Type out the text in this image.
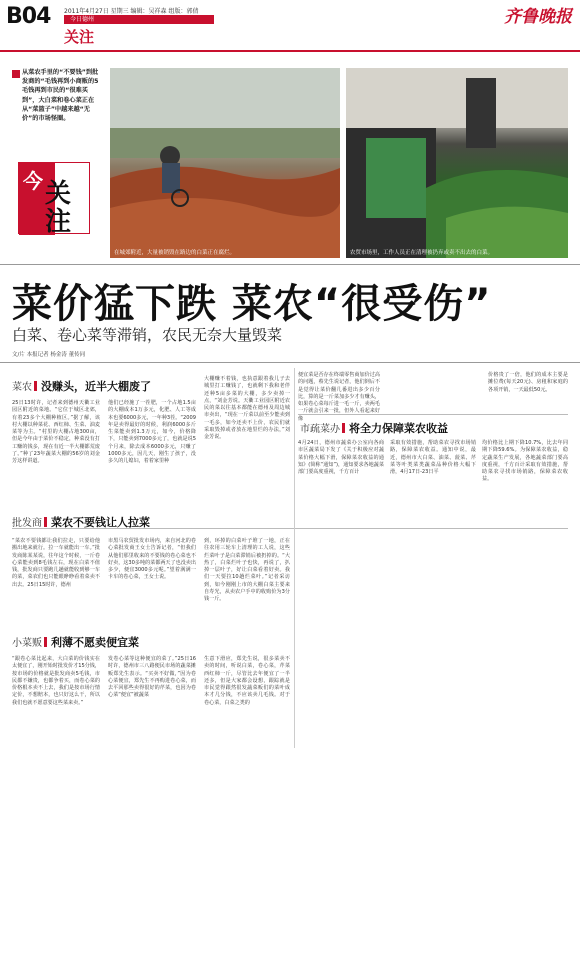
B04 2011年4月27日 星期三 编辑：吴祥森 组版：郭倩
今日德州
关注
齐鲁晚报
从菜农手里的“不要钱”到批发商的“毛钱再到小商贩的5毛钱再到市民的“很难买到”，大白菜和卷心菜正在从“菜篮子”中越来越“无价”的市场怪圈。
今 关
注
在城郊附近，大量被销毁在路边的白菜正在腐烂。	农贸市场里，工作人员正在清理被扔弃或卖不出去的白菜。
菜价猛下跌 菜农“很受伤”
白菜、卷心菜等滞销，农民无奈大量毁菜
文/片 本报记者 杨金涛 董传同
菜农 没赚头，近半大棚废了
25日13时许，记者来到德州天衢工业园区附近的菜地。“它位于城区北郊，有着23多个大棚种植区。”据了解，该村大棚以种菜花、西红柿、生菜、油麦菜等为主。“村里的大棚占地300亩，但是今年由于菜价不稳定，种菜没有打工赚的钱多，现在有近一半大棚都荒废了。”种了23年蔬菜大棚的56岁的刘金芳这样讲道。
他们已经施了一茬肥，一个占地1.5亩的大棚成本1万多元，化肥、人工等成本也要6000多元，一年种3茬。“2009年是卖得最好的时候，利润6000多斤生菜能卖到1.3万元，如今，价格降下，只能卖到7000多元了，也就是说5个月来，除去成本6000多元，只赚了1000多元，因几天，刚生了孩子，没多久的儿媳妇，着着家里种
大棚赚不着钱，也执意跟着我儿子去城里打工赚钱了，也就剩下我和老伴还种5亩多菜的大棚，多少卖掉一点，“刘金芳说。天衢工业园区附近农民的菜以往基本都能在德州及周边城市卖出，“现在一斤菜以前至少能卖到一毛多，如今还卖不上价，农民们就采取毁掉或者放在地里烂的办法，”刘金芳说。
便宜菜是否存在终端零售商加价过高的问题，蔡先生说记者，他们倒后不是觉得让菜价翻几番进出多少百分比，算的是一斤菜加多少才有赚头，如果卷心菜每斤进一毛一斤，卖两毛一斤就会引来一批，但外人看起来好像
价格贵了一倍，他们的成本主要是摊位费(每天20元)、房租和家庭的各项开销，一天最低50元。
市疏菜办 将全力保障菜农收益
4月24日，德州市蔬菜办公室向各商市区蔬菜局下发了《关于积极应对蔬菜价格大幅下滑，保障菜农收益的通知》(简称“通知”)，通知要求各地蔬菜部门要高度重视，千方百计
采取有效措施，帮助菜农寻找市场销路，保障菜农收益。通知中说，最近，德州市大白菜、油菜、菠菜、芹菜等叶类菜类蔬菜品种价格大幅下滑，4月17日-23日平
均价格比上期下降10.7%，比去年同期下降59.6%。为保障菜农收益，稳定蔬菜生产发展，各地蔬菜部门要高度重视，千方百计采取有效措施，帮助菜农寻找市场销路，保障菜农收益。
批发商 菜农不要钱让人拉菜
“菜农不要钱都让我们拉走，只要给他搬出地来就行。拉一车就能出一车。”批发商陈某某说，往年这个时候，一斤卷心菜能卖到8毛钱左右，现在白菜不值钱，批发商只要跑几趟就能收到够一车的菜，菜农们也只能眼睁睁看着菜卖不出去。25日15时许，德州
市黑马农贸批发市场内，来自河北的卷心菜批发商王女士告诉记者，“但我们从他们那里收来的不要钱的卷心菜也不好卖，这30多吨的菜都两天了也没卖出多少，便宜3000多元呢。”望着满满一卡车的卷心菜，王女士说。
到，环掉的白菜叶子堆了一地，正在往农用三轮车上清理的工人说，这些烂菜叶子是白菜滞销后被扔掉的。“大热了，白菜烂叶子也快，再说了，扒掉一层叶子，好让白菜看着好卖。我们一天要拉10趟烂菜叶。”记者采访到，如今刚刚上市的大棚白菜主要来自寿光，从卖农户手中的收购价为3分钱一斤。
小菜贩 利薄不愿卖便宜菜
“跟卷心菜比起来，大白菜的价钱实在太便宜了，刚开始时批发价才15分钱，按市场的价格就是批发商卖5毛钱，市民都不嫌贵，也都争着买，而卷心菜的价格根本卖不上去，我们是按市场行情定价，不想赔本，也只好这么干，所以我们也就不愿意要这些菜来卖。”
发卷心菜等这种便宜的菜了。”25日16时许，德州市三八路便民市场的蔬菜摊贩郑先生表示。“买卖不好做，”因为卷心菜便宜，郑先生不再购进卷心菜，而去平回那些卖得很好的芹菜，也因为卷心菜“便宜”被蔬菜
生意下滑应，郑先生说，很多菜卖不卖的时间，听说白菜，卷心菜，芹菜西红柿一斤，尽管比去年便宜了一半还多，但是大家都会设想，跟踪就是市民觉得跟然很发蔬菜贩们的菜叶成本才几分钱，不应该卖几毛钱。对于卷心菜，白菜之类的
